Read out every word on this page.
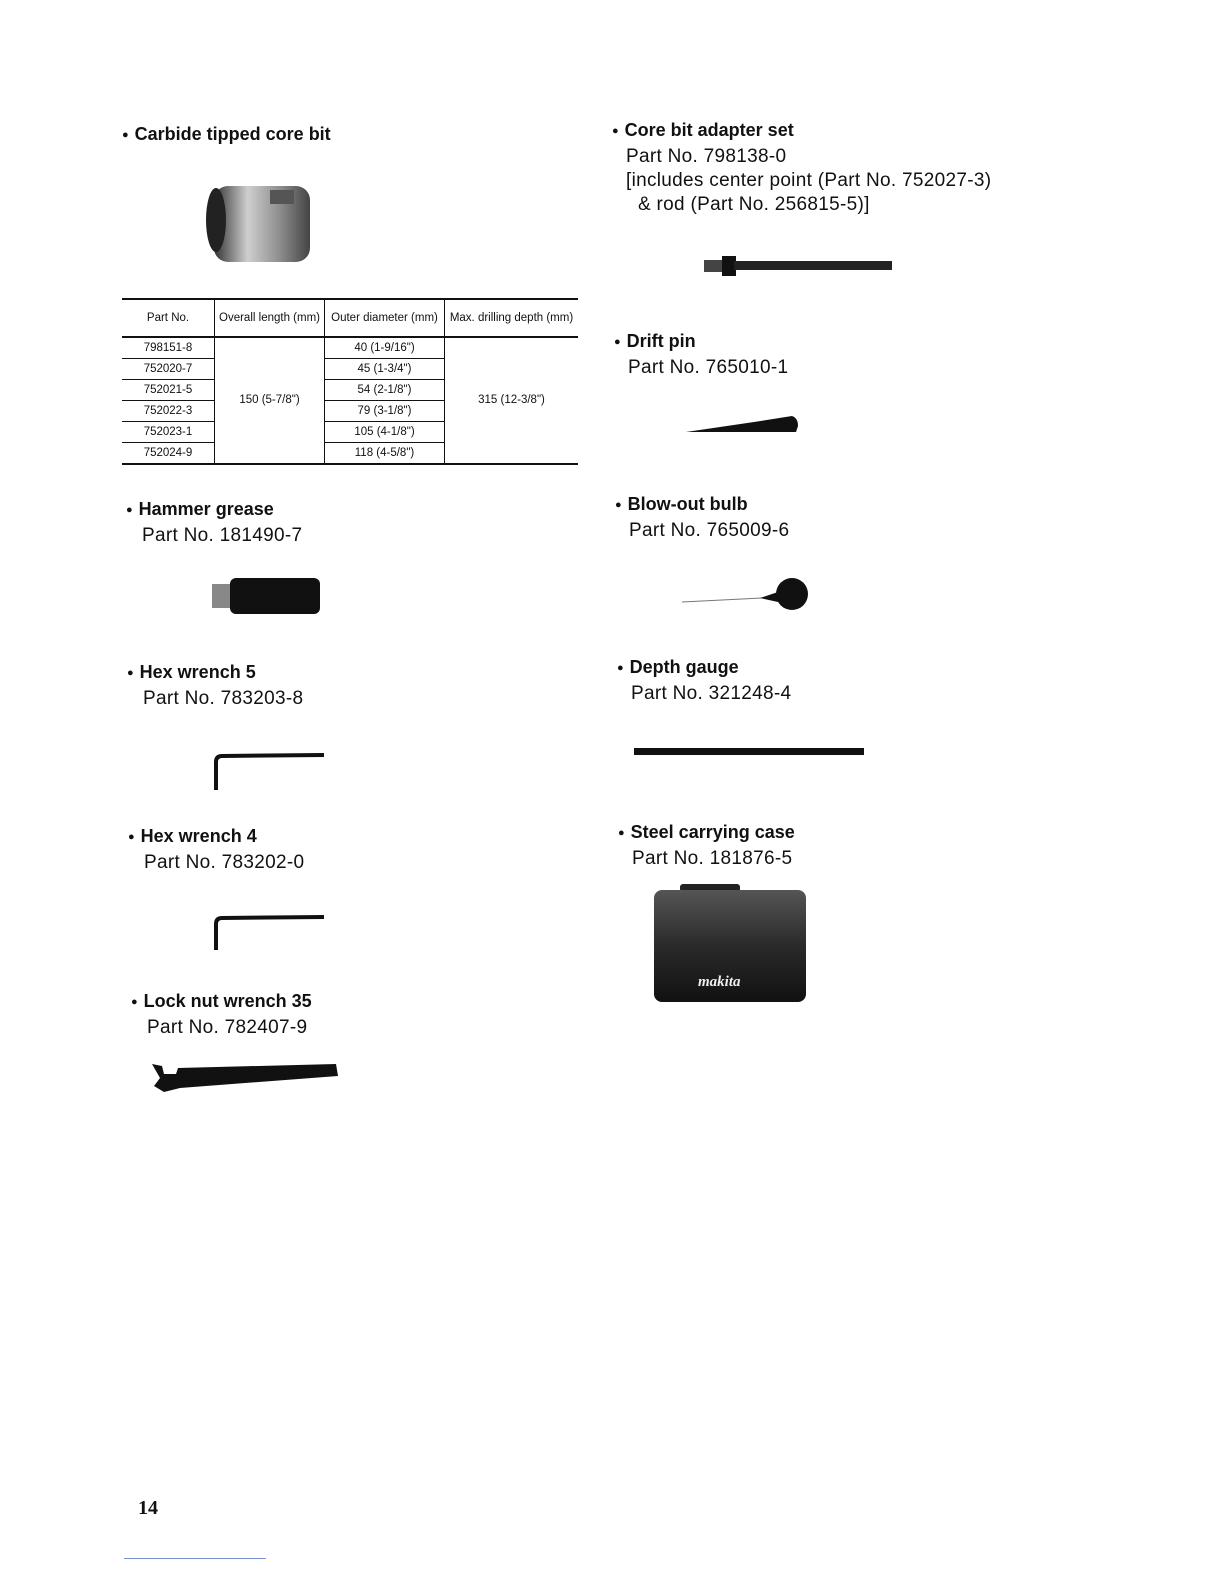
● Carbide tipped core bit
Part No.	Overall length (mm)	Outer diameter (mm)	Max. drilling depth (mm)
798151-8	150 (5-7/8")	40 (1-9/16")	315 (12-3/8")
752020-7		45 (1-3/4")	
752021-5		54 (2-1/8")	
752022-3		79 (3-1/8")	
752023-1		105 (4-1/8")	
752024-9		118 (4-5/8")	
● Hammer grease
Part No. 181490-7
● Hex wrench 5
Part No. 783203-8
● Hex wrench 4
Part No. 783202-0
● Lock nut wrench 35
Part No. 782407-9
● Core bit adapter set
Part No. 798138-0
[includes center point (Part No. 752027-3)
& rod (Part No. 256815-5)]
● Drift pin
Part No. 765010-1
● Blow-out bulb
Part No. 765009-6
● Depth gauge
Part No. 321248-4
● Steel carrying case
Part No. 181876-5
makita
14
